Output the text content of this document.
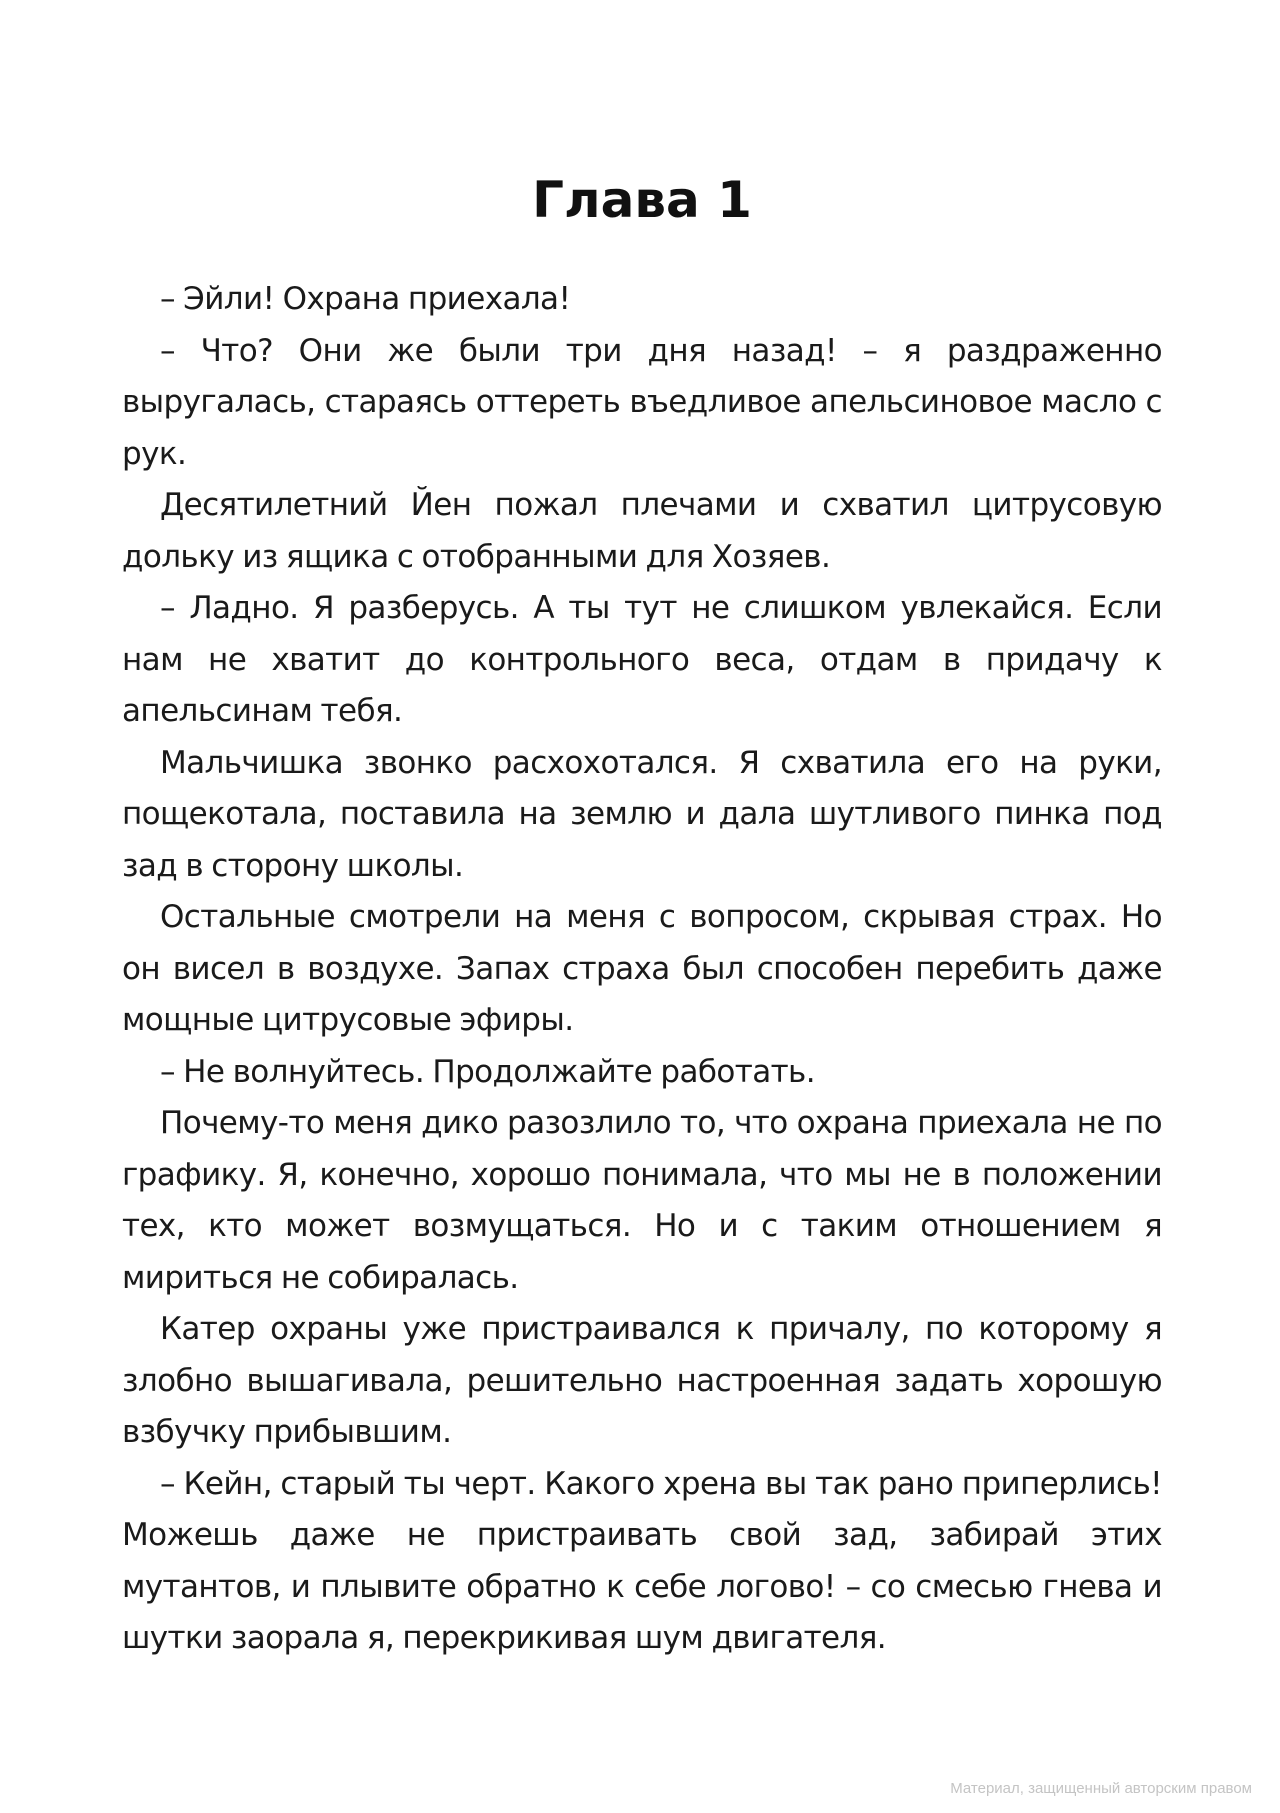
Глава 1

– Эйли! Охрана приехала!

– Что? Они же были три дня назад! – я раздраженно выругалась, стараясь оттереть въедливое апельсиновое масло с рук.

Десятилетний Йен пожал плечами и схватил цитрусовую дольку из ящика с отобранными для Хозяев.

– Ладно. Я разберусь. А ты тут не слишком увлекайся. Если нам не хватит до контрольного веса, отдам в придачу к апельсинам тебя.

Мальчишка звонко расхохотался. Я схватила его на руки, пощекотала, поставила на землю и дала шутливого пинка под зад в сторону школы.

Остальные смотрели на меня с вопросом, скрывая страх. Но он висел в воздухе. Запах страха был способен перебить даже мощные цитрусовые эфиры.

– Не волнуйтесь. Продолжайте работать.

Почему-то меня дико разозлило то, что охрана приехала не по графику. Я, конечно, хорошо понимала, что мы не в положении тех, кто может возмущаться. Но и с таким отношением я мириться не собиралась.

Катер охраны уже пристраивался к причалу, по которому я злобно вышагивала, решительно настроенная задать хорошую взбучку прибывшим.

– Кейн, старый ты черт. Какого хрена вы так рано приперлись! Можешь даже не пристраивать свой зад, забирай этих мутантов, и плывите обратно к себе логово! – со смесью гнева и шутки заорала я, перекрикивая шум двигателя.

Материал, защищенный авторским правом
